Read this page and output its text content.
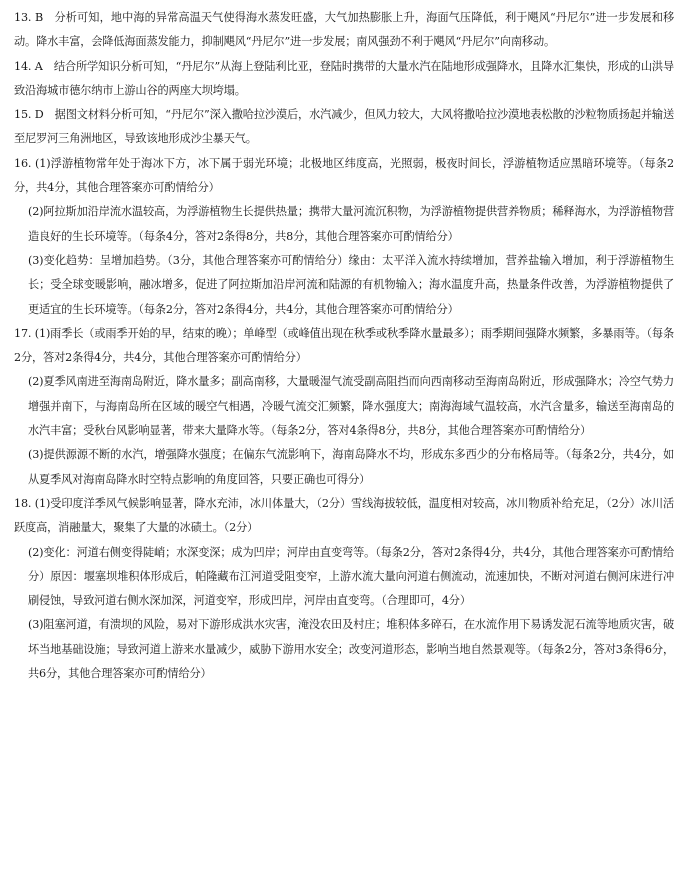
13. B　分析可知，地中海的异常高温天气使得海水蒸发旺盛，大气加热膨胀上升，海面气压降低，利于飓风“丹尼尔”进一步发展和移动。降水丰富，会降低海面蒸发能力，抑制飓风“丹尼尔”进一步发展；南风强劲不利于飓风“丹尼尔”向南移动。

14. A　结合所学知识分析可知，“丹尼尔”从海上登陆利比亚，登陆时携带的大量水汽在陆地形成强降水，且降水汇集快，形成的山洪导致沿海城市德尔纳市上游山谷的两座大坝垮塌。

15. D　据图文材料分析可知，“丹尼尔”深入撒哈拉沙漠后，水汽减少，但风力较大，大风将撒哈拉沙漠地表松散的沙粒物质扬起并输送至尼罗河三角洲地区，导致该地形成沙尘暴天气。

16. (1)浮游植物常年处于海冰下方，冰下属于弱光环境；北极地区纬度高，光照弱，极夜时间长，浮游植物适应黑暗环境等。（每条2分，共4分，其他合理答案亦可酌情给分）

(2)阿拉斯加沿岸流水温较高，为浮游植物生长提供热量；携带大量河流沉积物，为浮游植物提供营养物质；稀释海水，为浮游植物营造良好的生长环境等。（每条4分，答对2条得8分，共8分，其他合理答案亦可酌情给分）

(3)变化趋势：呈增加趋势。（3分，其他合理答案亦可酌情给分）缘由：太平洋入流水持续增加，营养盐输入增加，利于浮游植物生长；受全球变暖影响，融冰增多，促进了阿拉斯加沿岸河流和陆源的有机物输入；海水温度升高，热量条件改善，为浮游植物提供了更适宜的生长环境等。（每条2分，答对2条得4分，共4分，其他合理答案亦可酌情给分）

17. (1)雨季长（或雨季开始的早，结束的晚）；单峰型（或峰值出现在秋季或秋季降水量最多）；雨季期间强降水频繁，多暴雨等。（每条2分，答对2条得4分，共4分，其他合理答案亦可酌情给分）

(2)夏季风南进至海南岛附近，降水量多；副高南移，大量暖湿气流受副高阻挡而向西南移动至海南岛附近，形成强降水；冷空气势力增强并南下，与海南岛所在区域的暖空气相遇，冷暖气流交汇频繁，降水强度大；南海海域气温较高，水汽含量多，输送至海南岛的水汽丰富；受秋台风影响显著，带来大量降水等。（每条2分，答对4条得8分，共8分，其他合理答案亦可酌情给分）

(3)提供源源不断的水汽，增强降水强度；在偏东气流影响下，海南岛降水不均，形成东多西少的分布格局等。（每条2分，共4分，如从夏季风对海南岛降水时空特点影响的角度回答，只要正确也可得分）

18. (1)受印度洋季风气候影响显著，降水充沛，冰川体量大，（2分）雪线海拔较低，温度相对较高，冰川物质补给充足，（2分）冰川活跃度高，消融量大，聚集了大量的冰碛土。（2分）

(2)变化：河道右侧变得陡峭；水深变深；成为凹岸；河岸由直变弯等。（每条2分，答对2条得4分，共4分，其他合理答案亦可酌情给分）原因：堰塞坝堆积体形成后，帕隆藏布江河道受阻变窄，上游水流大量向河道右侧流动，流速加快，不断对河道右侧河床进行冲刷侵蚀，导致河道右侧水深加深，河道变窄，形成凹岸，河岸由直变弯。（合理即可，4分）

(3)阻塞河道，有溃坝的风险，易对下游形成洪水灾害，淹没农田及村庄；堆积体多碎石，在水流作用下易诱发泥石流等地质灾害，破坏当地基础设施；导致河道上游来水量减少，威胁下游用水安全；改变河道形态，影响当地自然景观等。（每条2分，答对3条得6分，共6分，其他合理答案亦可酌情给分）
